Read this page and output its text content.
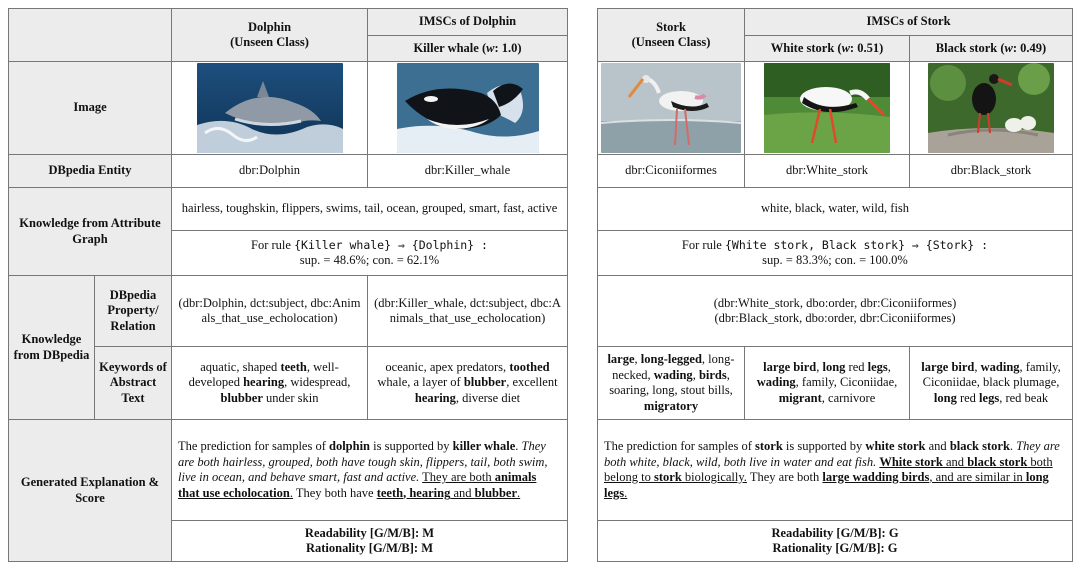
		Dolphin
(Unseen Class)	IMSCs of Dolphin
			Killer whale (w: 1.0)
Image	

DBpedia Entity		dbr:Dolphin	dbr:Killer_whale
Knowledge from Attribute Graph		hairless, toughskin, flippers, swims, tail, ocean, grouped, smart, fast, active	

		For rule {Killer whale} ⇒ {Dolphin} :
sup. = 48.6%; con. = 62.1%	

Knowledge from DBpedia	DBpedia Property/ Relation	(dbr:Dolphin, dct:subject, dbc:Animals_that_use_echolocation)	(dbr:Killer_whale, dct:subject, dbc:Animals_that_use_echolocation)
	Keywords of Abstract Text	aquatic, shaped teeth, well-developed hearing, widespread, blubber under skin	oceanic, apex predators, toothed whale, a layer of blubber, excellent hearing, diverse diet
Generated Explanation & Score		The prediction for samples of dolphin is supported by killer whale. They are both hairless, grouped, both have tough skin, flippers, tail, both swim, live in ocean, and behave smart, fast and active. They are both animals that use echolocation. They both have teeth, hearing and blubber.	

		Readability [G/M/B]: M
Rationality [G/M/B]: M	
Stork
(Unseen Class)	IMSCs of Stork	
	White stork (w: 0.51)	Black stork (w: 0.49)

dbr:Ciconiiformes	dbr:White_stork	dbr:Black_stork
white, black, water, wild, fish		

For rule {White stork, Black stork} ⇒ {Stork} :
sup. = 83.3%; con. = 100.0%		

(dbr:White_stork, dbo:order, dbr:Ciconiiformes)
(dbr:Black_stork, dbo:order, dbr:Ciconiiformes)		

large, long-legged, long-necked, wading, birds, soaring, long, stout bills, migratory	large bird, long red legs, wading, family, Ciconiidae, migrant, carnivore	large bird, wading, family, Ciconiidae, black plumage, long red legs, red beak
The prediction for samples of stork is supported by white stork and black stork. They are both white, black, wild, both live in water and eat fish. White stork and black stork both belong to stork biologically. They are both large wadding birds, and are similar in long legs.		

Readability [G/M/B]: G
Rationality [G/M/B]: G		
